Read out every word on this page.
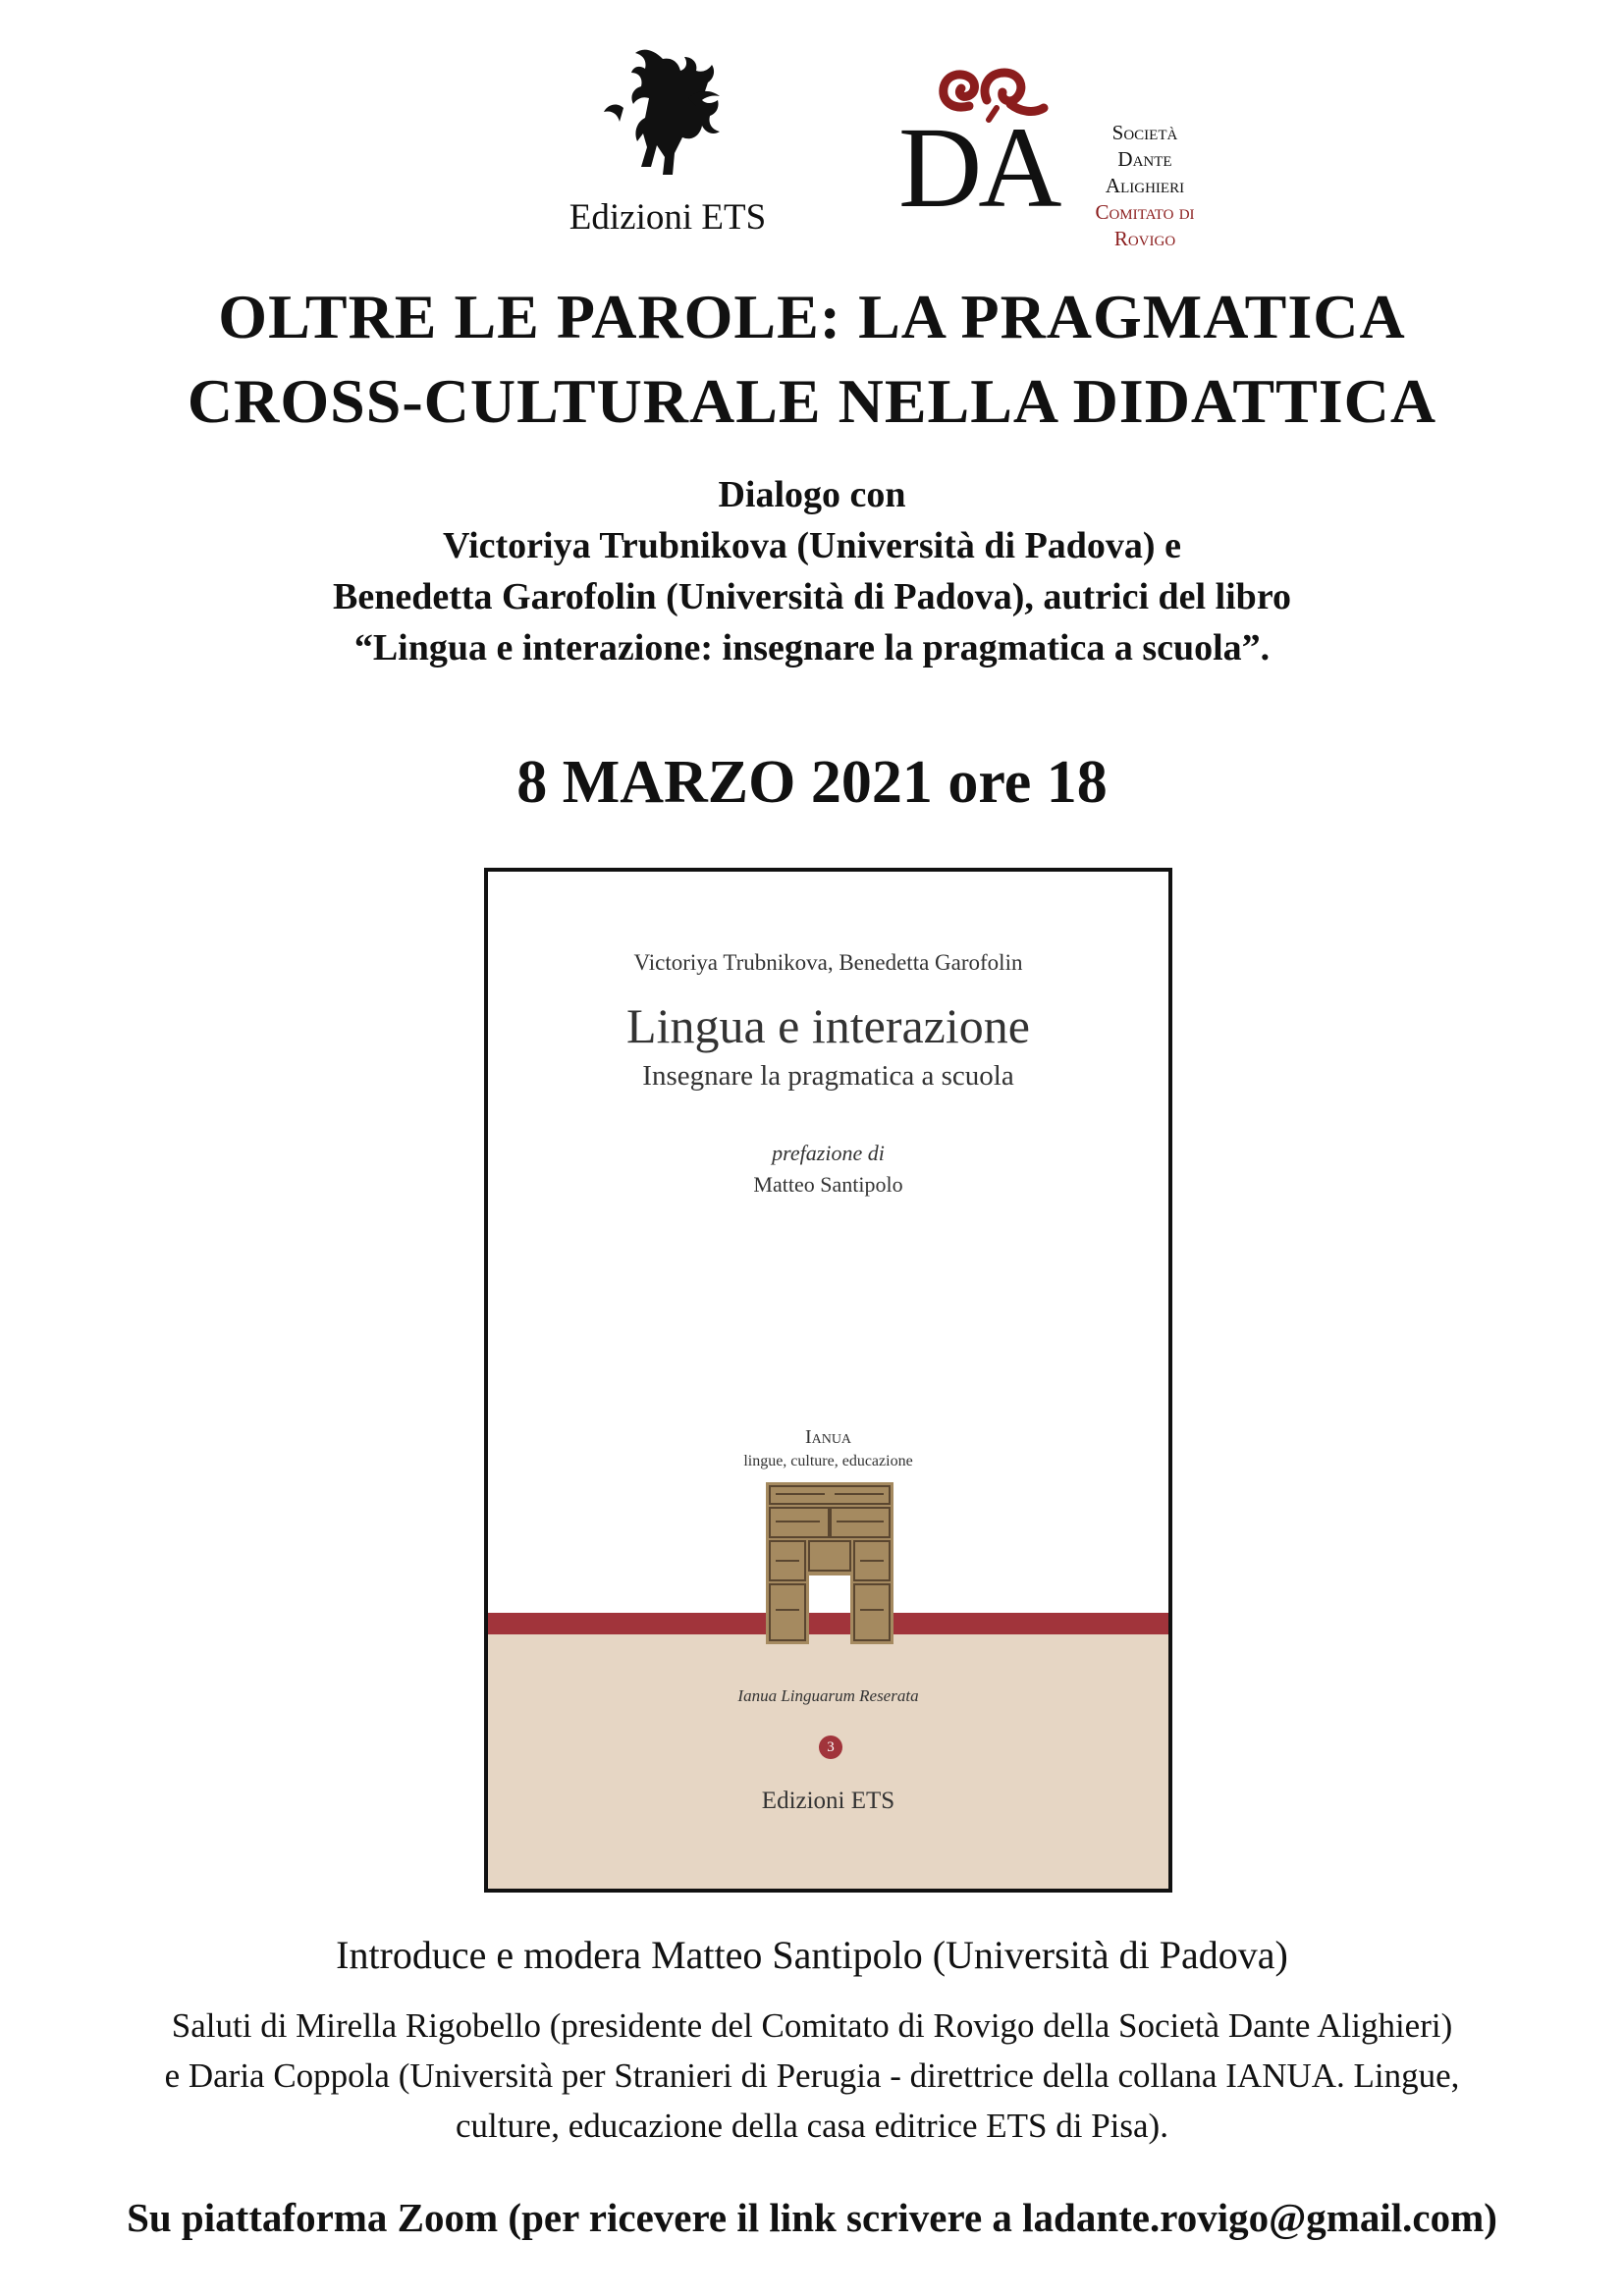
Edizioni ETS DA	Società
Dante Alighieri
Comitato di
Rovigo
OLTRE LE PAROLE: LA PRAGMATICA
CROSS-CULTURALE NELLA DIDATTICA
Dialogo con
Victoriya Trubnikova (Università di Padova) e
Benedetta Garofolin (Università di Padova), autrici del libro
“Lingua e interazione: insegnare la pragmatica a scuola”.
8 MARZO 2021 ore 18
Victoriya Trubnikova, Benedetta Garofolin
Lingua e interazione
Insegnare la pragmatica a scuola
prefazione di
Matteo Santipolo
Ianua
lingue, culture, educazione
Ianua Linguarum Reserata
3
Edizioni ETS
Introduce e modera Matteo Santipolo (Università di Padova)
Saluti di Mirella Rigobello (presidente del Comitato di Rovigo della Società Dante Alighieri)
e Daria Coppola (Università per Stranieri di Perugia - direttrice della collana IANUA. Lingue,
culture, educazione della casa editrice ETS di Pisa).
Su piattaforma Zoom (per ricevere il link scrivere a ladante.rovigo@gmail.com)
